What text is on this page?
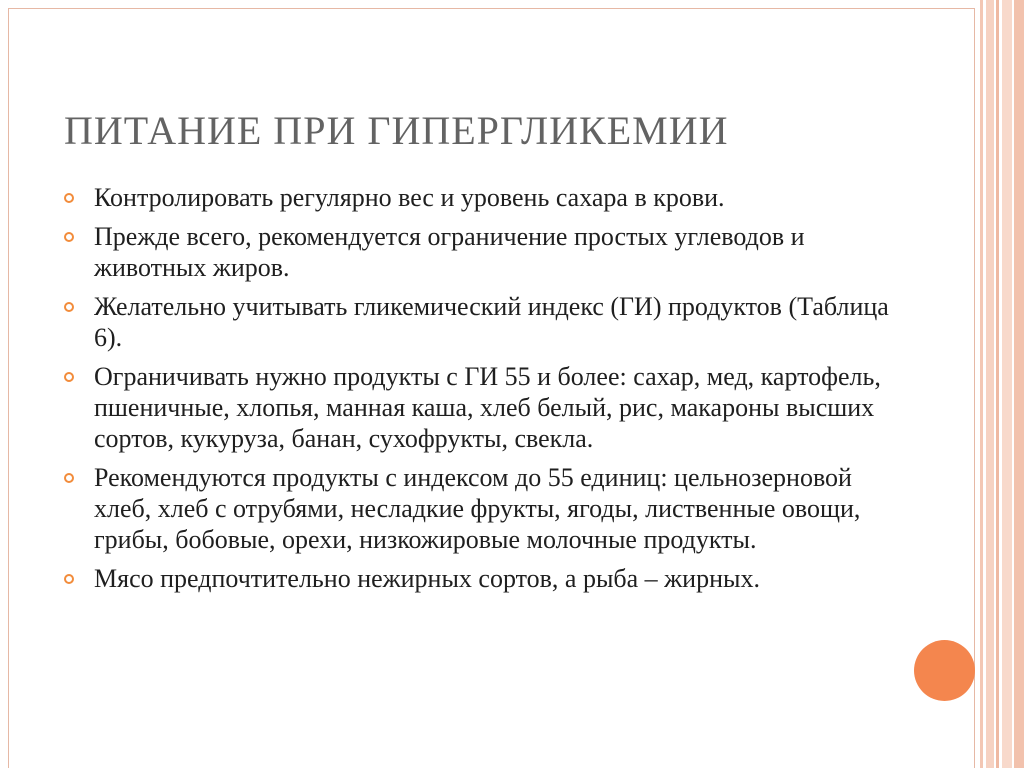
ПИТАНИЕ ПРИ ГИПЕРГЛИКЕМИИ
Контролировать регулярно вес и уровень сахара в крови.
Прежде всего, рекомендуется ограничение простых углеводов и животных жиров.
Желательно учитывать гликемический индекс (ГИ) продуктов (Таблица 6).
Ограничивать нужно продукты с ГИ 55 и более: сахар, мед, картофель, пшеничные, хлопья, манная каша, хлеб белый, рис, макароны высших сортов, кукуруза, банан, сухофрукты, свекла.
Рекомендуются продукты с индексом до 55 единиц: цельнозерновой хлеб, хлеб с отрубями, несладкие фрукты, ягоды, лиственные овощи, грибы, бобовые, орехи, низкожировые молочные продукты.
Мясо предпочтительно нежирных сортов, а рыба – жирных.
